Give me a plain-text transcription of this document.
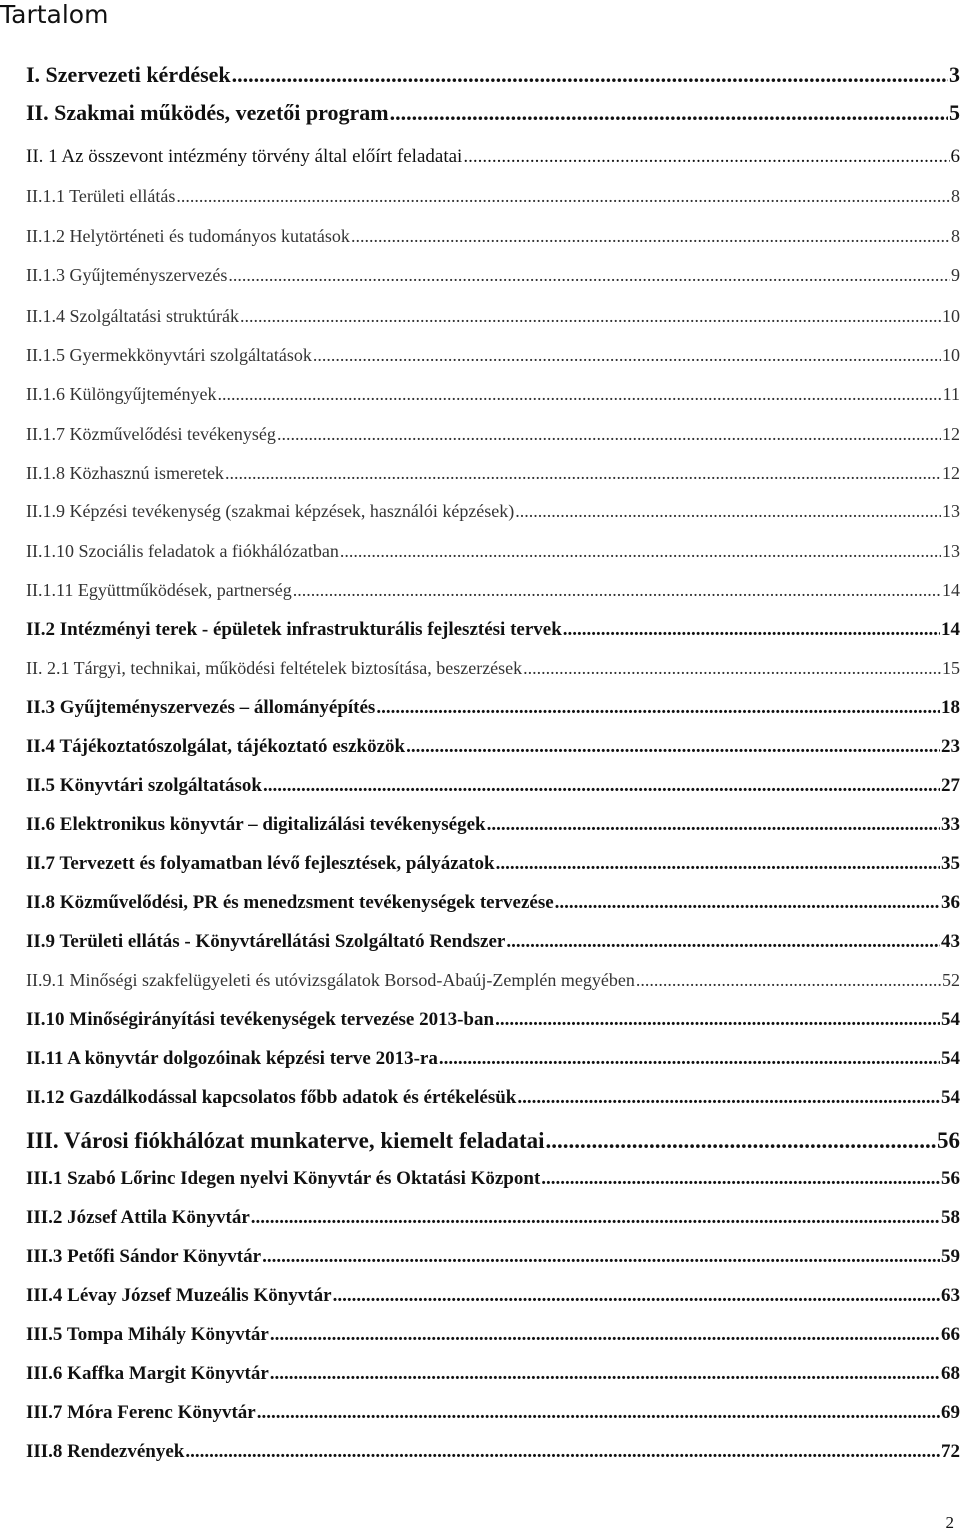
Tartalom
I. Szervezeti kérdések .....	3
II. Szakmai működés, vezetői program .....	5
II. 1 Az összevont intézmény törvény által előírt feladatai .....	6
II.1.1 Területi ellátás .....	8
II.1.2 Helytörténeti és tudományos kutatások .....	8
II.1.3 Gyűjteményszervezés .....	9
II.1.4 Szolgáltatási struktúrák .....	10
II.1.5 Gyermekkönyvtári szolgáltatások .....	10
II.1.6 Különgyűjtemények .....	11
II.1.7 Közművelődési tevékenység .....	12
II.1.8 Közhasznú ismeretek .....	12
II.1.9 Képzési tevékenység (szakmai képzések, használói képzések) .....	13
II.1.10 Szociális feladatok a fiókhálózatban .....	13
II.1.11 Együttműködések, partnerség .....	14
II.2 Intézményi terek - épületek infrastrukturális fejlesztési tervek .....	14
II. 2.1 Tárgyi, technikai, működési feltételek biztosítása, beszerzések .....	15
II.3 Gyűjteményszervezés – állományépítés .....	18
II.4 Tájékoztatószolgálat, tájékoztató eszközök .....	23
II.5 Könyvtári szolgáltatások .....	27
II.6 Elektronikus könyvtár – digitalizálási tevékenységek .....	33
II.7 Tervezett és folyamatban lévő fejlesztések, pályázatok .....	35
II.8 Közművelődési, PR és menedzsment tevékenységek tervezése .....	36
II.9 Területi ellátás - Könyvtárellátási Szolgáltató Rendszer .....	43
II.9.1 Minőségi szakfelügyeleti és utóvizsgálatok Borsod-Abaúj-Zemplén megyében .....	52
II.10 Minőségirányítási tevékenységek tervezése 2013-ban .....	54
II.11 A könyvtár dolgozóinak képzési terve 2013-ra .....	54
II.12 Gazdálkodással kapcsolatos főbb adatok és értékelésük .....	54
III. Városi fiókhálózat munkaterve, kiemelt feladatai .....	56
III.1 Szabó Lőrinc Idegen nyelvi Könyvtár és Oktatási Központ .....	56
III.2 József Attila Könyvtár .....	58
III.3 Petőfi Sándor Könyvtár .....	59
III.4 Lévay József Muzeális Könyvtár .....	63
III.5 Tompa Mihály Könyvtár .....	66
III.6 Kaffka Margit Könyvtár .....	68
III.7 Móra Ferenc Könyvtár .....	69
III.8 Rendezvények .....	72
2
